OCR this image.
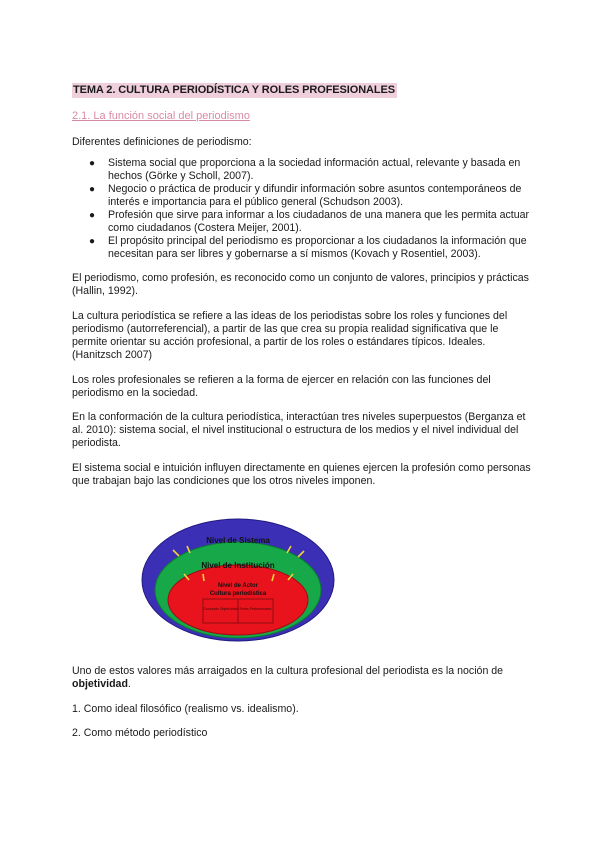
TEMA 2. CULTURA PERIODÍSTICA Y ROLES PROFESIONALES
2.1. La función social del periodismo

Diferentes definiciones de periodismo:

● Sistema social que proporciona a la sociedad información actual, relevante y basada en hechos (Görke y Scholl, 2007).
● Negocio o práctica de producir y difundir información sobre asuntos contemporáneos de interés e importancia para el público general (Schudson 2003).
● Profesión que sirve para informar a los ciudadanos de una manera que les permita actuar como ciudadanos (Costera Meijer, 2001).
● El propósito principal del periodismo es proporcionar a los ciudadanos la información que necesitan para ser libres y gobernarse a sí mismos (Kovach y Rosentiel, 2003).

El periodismo, como profesión, es reconocido como un conjunto de valores, principios y prácticas (Hallin, 1992).

La cultura periodística se refiere a las ideas de los periodistas sobre los roles y funciones del periodismo (autorreferencial), a partir de las que crea su propia realidad significativa que le permite orientar su acción profesional, a partir de los roles o estándares típicos. Ideales. (Hanitzsch 2007)

Los roles profesionales se refieren a la forma de ejercer en relación con las funciones del periodismo en la sociedad.

En la conformación de la cultura periodística, interactúan tres niveles superpuestos (Berganza et al. 2010): sistema social, el nivel institucional o estructura de los medios y el nivel individual del periodista.

El sistema social e intuición influyen directamente en quienes ejercen la profesión como personas que trabajan bajo las condiciones que los otros niveles imponen.

Nivel de Sistema
Nivel de Institución
Nivel de Actor
Cultura periodística
Concepto Objetividad Roles Profesionales

Uno de estos valores más arraigados en la cultura profesional del periodista es la noción de objetividad.

1. Como ideal filosófico (realismo vs. idealismo).

2. Como método periodístico
